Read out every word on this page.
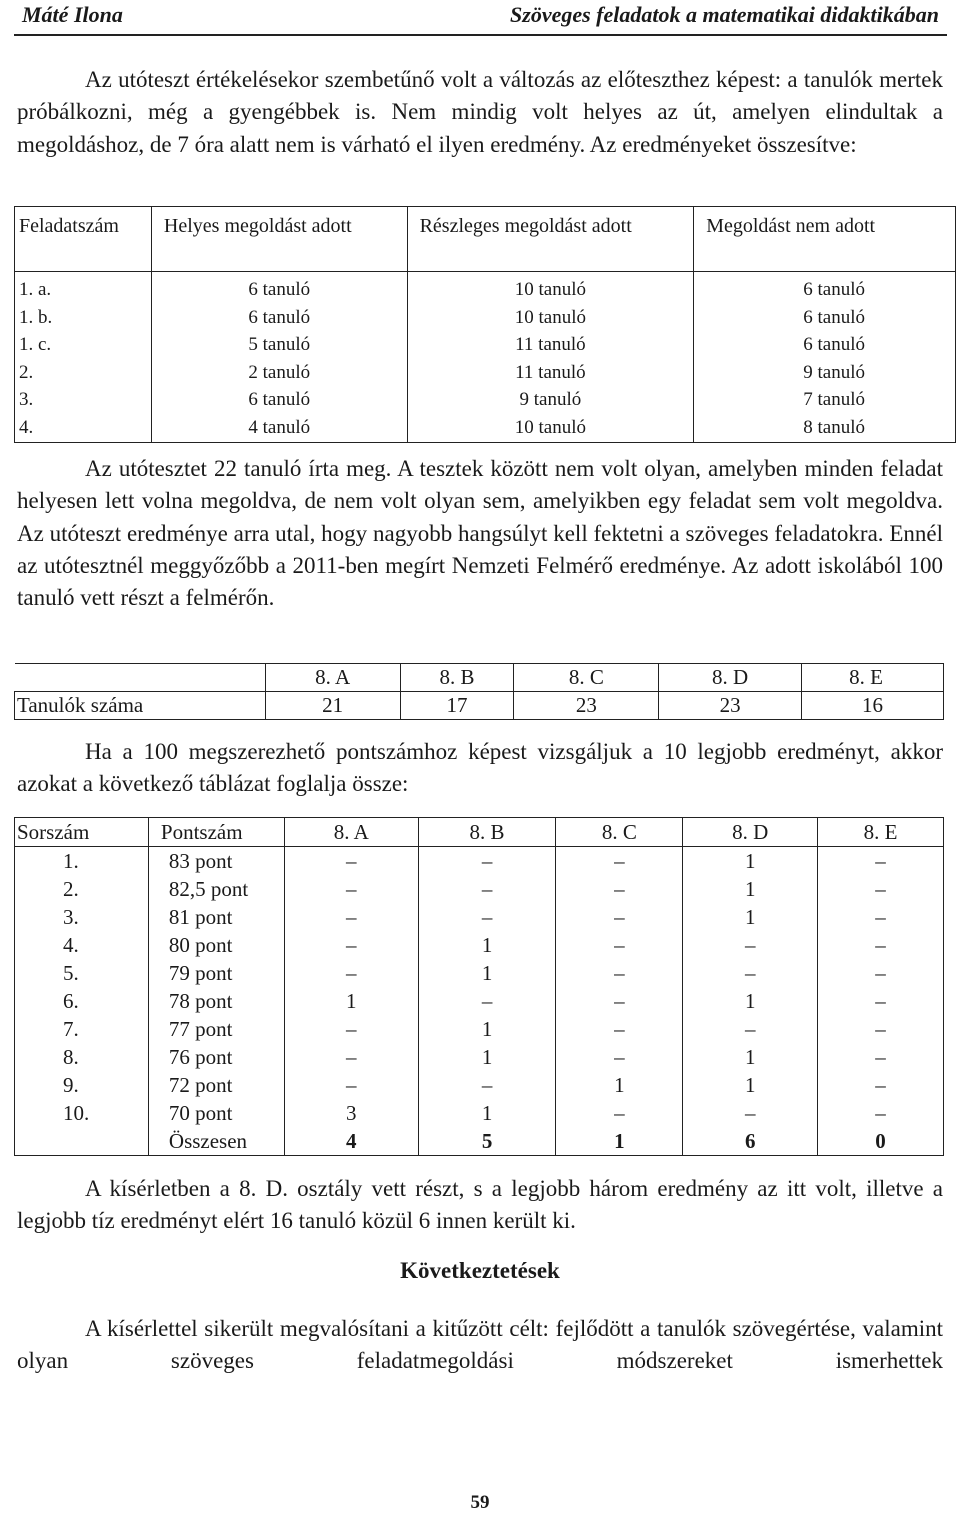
Máté Ilona	Szöveges feladatok a matematikai didaktikában

Az utóteszt értékelésekor szembetűnő volt a változás az előteszthez képest: a tanulók mertek próbálkozni, még a gyengébbek is. Nem mindig volt helyes az út, amelyen elindultak a megoldáshoz, de 7 óra alatt nem is várható el ilyen eredmény. Az eredményeket összesítve:

Feladatszám	Helyes megoldást adott	Részleges megoldást adott	Megoldást nem adott
1. a.	6 tanuló	10 tanuló	6 tanuló
1. b.	6 tanuló	10 tanuló	6 tanuló
1. c.	5 tanuló	11 tanuló	6 tanuló
2.	2 tanuló	11 tanuló	9 tanuló
3.	6 tanuló	9 tanuló	7 tanuló
4.	4 tanuló	10 tanuló	8 tanuló

Az utótesztet 22 tanuló írta meg. A tesztek között nem volt olyan, amelyben minden feladat helyesen lett volna megoldva, de nem volt olyan sem, amelyikben egy feladat sem volt megoldva. Az utóteszt eredménye arra utal, hogy nagyobb hangsúlyt kell fektetni a szöveges feladatokra. Ennél az utótesztnél meggyőzőbb a 2011-ben megírt Nemzeti Felmérő eredménye. Az adott iskolából 100 tanuló vett részt a felmérőn.

	8. A	8. B	8. C	8. D	8. E
Tanulók száma	21	17	23	23	16

Ha a 100 megszerezhető pontszámhoz képest vizsgáljuk a 10 legjobb eredményt, akkor azokat a következő táblázat foglalja össze:

Sorszám	Pontszám	8. A	8. B	8. C	8. D	8. E
1.	83 pont	–	–	–	1	–
2.	82,5 pont	–	–	–	1	–
3.	81 pont	–	–	–	1	–
4.	80 pont	–	1	–	–	–
5.	79 pont	–	1	–	–	–
6.	78 pont	1	–	–	1	–
7.	77 pont	–	1	–	–	–
8.	76 pont	–	1	–	1	–
9.	72 pont	–	–	1	1	–
10.	70 pont	3	1	–	–	–
	Összesen	4	5	1	6	0

A kísérletben a 8. D. osztály vett részt, s a legjobb három eredmény az itt volt, illetve a legjobb tíz eredményt elért 16 tanuló közül 6 innen került ki.

Következtetések

A kísérlettel sikerült megvalósítani a kitűzött célt: fejlődött a tanulók szövegértése, valamint olyan szöveges feladatmegoldási módszereket ismerhettek

59
